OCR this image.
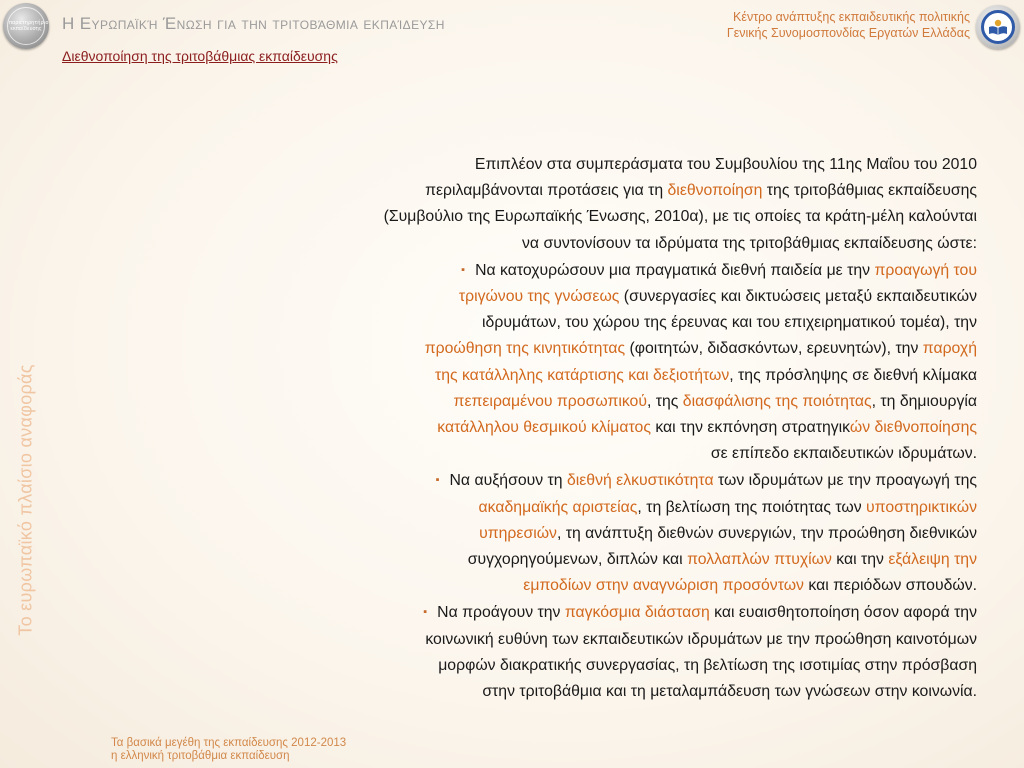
παρατηρητήριο εκπαίδευσης Η Ευρωπαϊκή Ένωση για την τριτοβάθμια εκπαίδευση
Διεθνοποίηση της τριτοβάθμιας εκπαίδευσης
Κέντρο ανάπτυξης εκπαιδευτικής πολιτικής
Γενικής Συνομοσπονδίας Εργατών Ελλάδας
Το ευρωπαϊκό πλαίσιο αναφοράς

Επιπλέον στα συμπεράσματα του Συμβουλίου της 11ης Μαΐου του 2010
περιλαμβάνονται προτάσεις για τη διεθνοποίηση της τριτοβάθμιας εκπαίδευσης
(Συμβούλιο της Ευρωπαϊκής Ένωσης, 2010α), με τις οποίες τα κράτη-μέλη καλούνται
να συντονίσουν τα ιδρύματα της τριτοβάθμιας εκπαίδευσης ώστε:

▪ Να κατοχυρώσουν μια πραγματικά διεθνή παιδεία με την προαγωγή του
τριγώνου της γνώσεως (συνεργασίες και δικτυώσεις μεταξύ εκπαιδευτικών
ιδρυμάτων, του χώρου της έρευνας και του επιχειρηματικού τομέα), την
προώθηση της κινητικότητας (φοιτητών, διδασκόντων, ερευνητών), την παροχή
της κατάλληλης κατάρτισης και δεξιοτήτων, της πρόσληψης σε διεθνή κλίμακα
πεπειραμένου προσωπικού, της διασφάλισης της ποιότητας, τη δημιουργία
κατάλληλου θεσμικού κλίματος και την εκπόνηση στρατηγικών διεθνοποίησης
σε επίπεδο εκπαιδευτικών ιδρυμάτων.

▪ Να αυξήσουν τη διεθνή ελκυστικότητα των ιδρυμάτων με την προαγωγή της
ακαδημαϊκής αριστείας, τη βελτίωση της ποιότητας των υποστηρικτικών
υπηρεσιών, τη ανάπτυξη διεθνών συνεργιών, την προώθηση διεθνικών
συγχορηγούμενων, διπλών και πολλαπλών πτυχίων και την εξάλειψη την
εμποδίων στην αναγνώριση προσόντων και περιόδων σπουδών.

▪ Να προάγουν την παγκόσμια διάσταση και ευαισθητοποίηση όσον αφορά την
κοινωνική ευθύνη των εκπαιδευτικών ιδρυμάτων με την προώθηση καινοτόμων
μορφών διακρατικής συνεργασίας, τη βελτίωση της ισοτιμίας στην πρόσβαση
στην τριτοβάθμια και τη μεταλαμπάδευση των γνώσεων στην κοινωνία.

Τα βασικά μεγέθη της εκπαίδευσης 2012-2013
η ελληνική τριτοβάθμια εκπαίδευση
